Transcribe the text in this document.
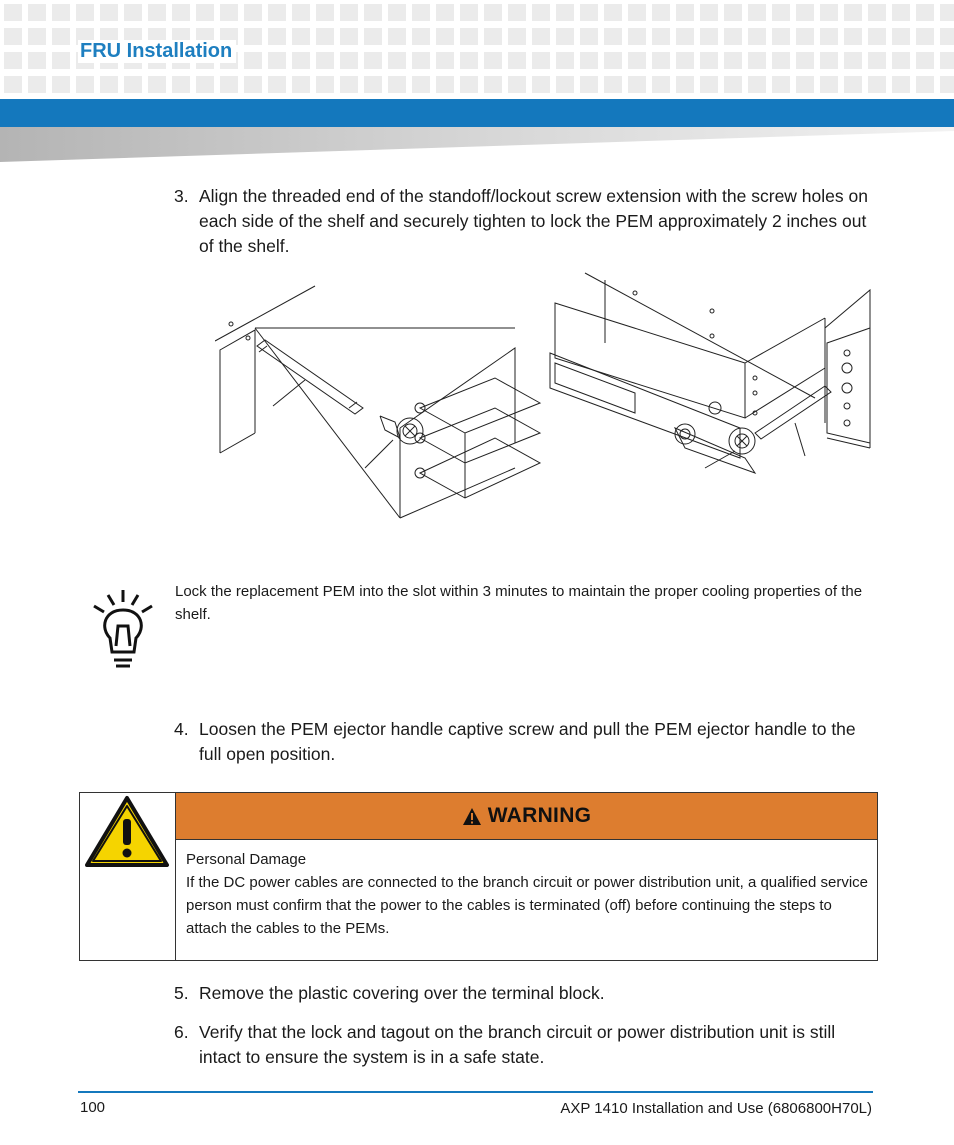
FRU Installation
3. Align the threaded end of the standoff/lockout screw extension with the screw holes on each side of the shelf and securely tighten to lock the PEM approximately 2 inches out of the shelf.
Lock the replacement PEM into the slot within 3 minutes to maintain the proper cooling properties of the shelf.
4. Loosen the PEM ejector handle captive screw and pull the PEM ejector handle to the full open position.
WARNING
Personal Damage
If the DC power cables are connected to the branch circuit or power distribution unit, a qualified service person must confirm that the power to the cables is terminated (off) before continuing the steps to attach the cables to the PEMs.
5. Remove the plastic covering over the terminal block.
6. Verify that the lock and tagout on the branch circuit or power distribution unit is still intact to ensure the system is in a safe state.
100	AXP 1410 Installation and Use (6806800H70L)
